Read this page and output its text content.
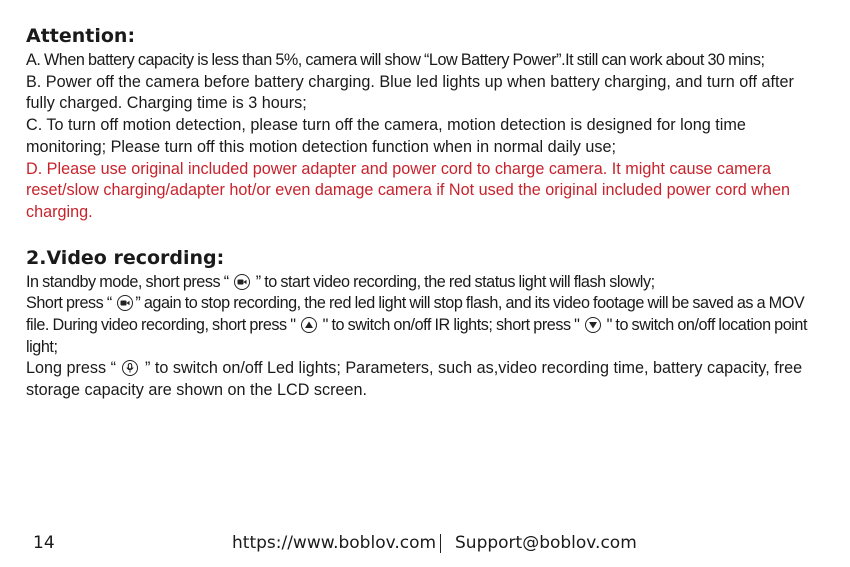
Attention:

A. When battery capacity is less than 5%, camera will show “Low Battery Power”.It still can work about 30 mins;

B. Power off the camera before battery charging. Blue led lights up when battery charging, and turn off after fully charged. Charging time is 3 hours;

C. To turn off motion detection, please turn off the camera, motion detection is designed for long time monitoring; Please turn off this motion detection function when in normal daily use;

D. Please use original included power adapter and power cord to charge camera. It might cause camera reset/slow charging/adapter hot/or even damage camera if Not used the original included power cord when charging.

2.Video recording:

In standby mode, short press “
” to start video recording, the red status light will flash slowly;

Short press “
” again to stop recording, the red led light will stop flash, and its video footage will be saved as a MOV file. During video recording, short press "
" to switch on/off IR lights; short press "
" to switch on/off location point light;

Long press “
” to switch on/off Led lights; Parameters, such as,video recording time, battery capacity, free storage capacity are shown on the LCD screen.

14	https://www.boblov.com Support@boblov.com
